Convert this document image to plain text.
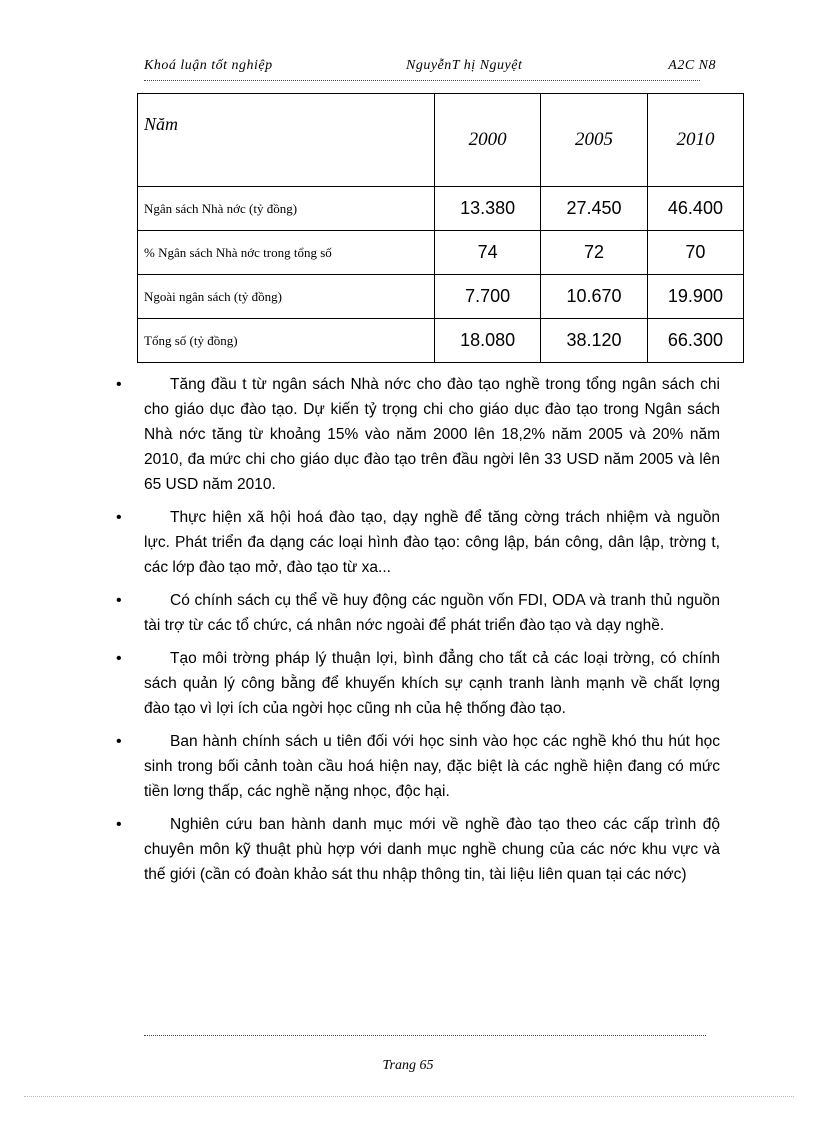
Khoá luận tốt nghiệp	NguyễnT hị Nguyệt	A2C N8
Năm	2000	2005	2010
Ngân sách Nhà nớc (tỷ đồng)	13.380	27.450	46.400
% Ngân sách Nhà nớc trong tổng số	74	72	70
Ngoài ngân sách (tỷ đồng)	7.700	10.670	19.900
Tổng số (tỷ đồng)	18.080	38.120	66.300
•	Tăng đầu t từ ngân sách Nhà nớc cho đào tạo nghề trong tổng ngân sách chi cho giáo dục đào tạo. Dự kiến tỷ trọng chi cho giáo dục đào tạo trong Ngân sách Nhà nớc tăng từ khoảng 15% vào năm 2000 lên 18,2% năm 2005 và 20% năm 2010, đa mức chi cho giáo dục đào tạo trên đầu ngời lên 33 USD năm 2005 và lên 65 USD năm 2010.
•	Thực hiện xã hội hoá đào tạo, dạy nghề để tăng cờng trách nhiệm và nguồn lực. Phát triển đa dạng các loại hình đào tạo: công lập, bán công, dân lập, trờng t, các lớp đào tạo mở, đào tạo từ xa...
•	Có chính sách cụ thể về huy động các nguồn vốn FDI, ODA và tranh thủ nguồn tài trợ từ các tổ chức, cá nhân nớc ngoài để phát triển đào tạo và dạy nghề.
•	Tạo môi trờng pháp lý thuận lợi, bình đẳng cho tất cả các loại trờng, có chính sách quản lý công bằng để khuyến khích sự cạnh tranh lành mạnh về chất lợng đào tạo vì lợi ích của ngời học cũng nh của hệ thống đào tạo.
•	Ban hành chính sách u tiên đối với học sinh vào học các nghề khó thu hút học sinh trong bối cảnh toàn cầu hoá hiện nay, đặc biệt là các nghề hiện đang có mức tiền lơng thấp, các nghề nặng nhọc, độc hại.
•	Nghiên cứu ban hành danh mục mới về nghề đào tạo theo các cấp trình độ chuyên môn kỹ thuật phù hợp với danh mục nghề chung của các nớc khu vực và thế giới (cần có đoàn khảo sát thu nhập thông tin, tài liệu liên quan tại các nớc)
Trang 65
